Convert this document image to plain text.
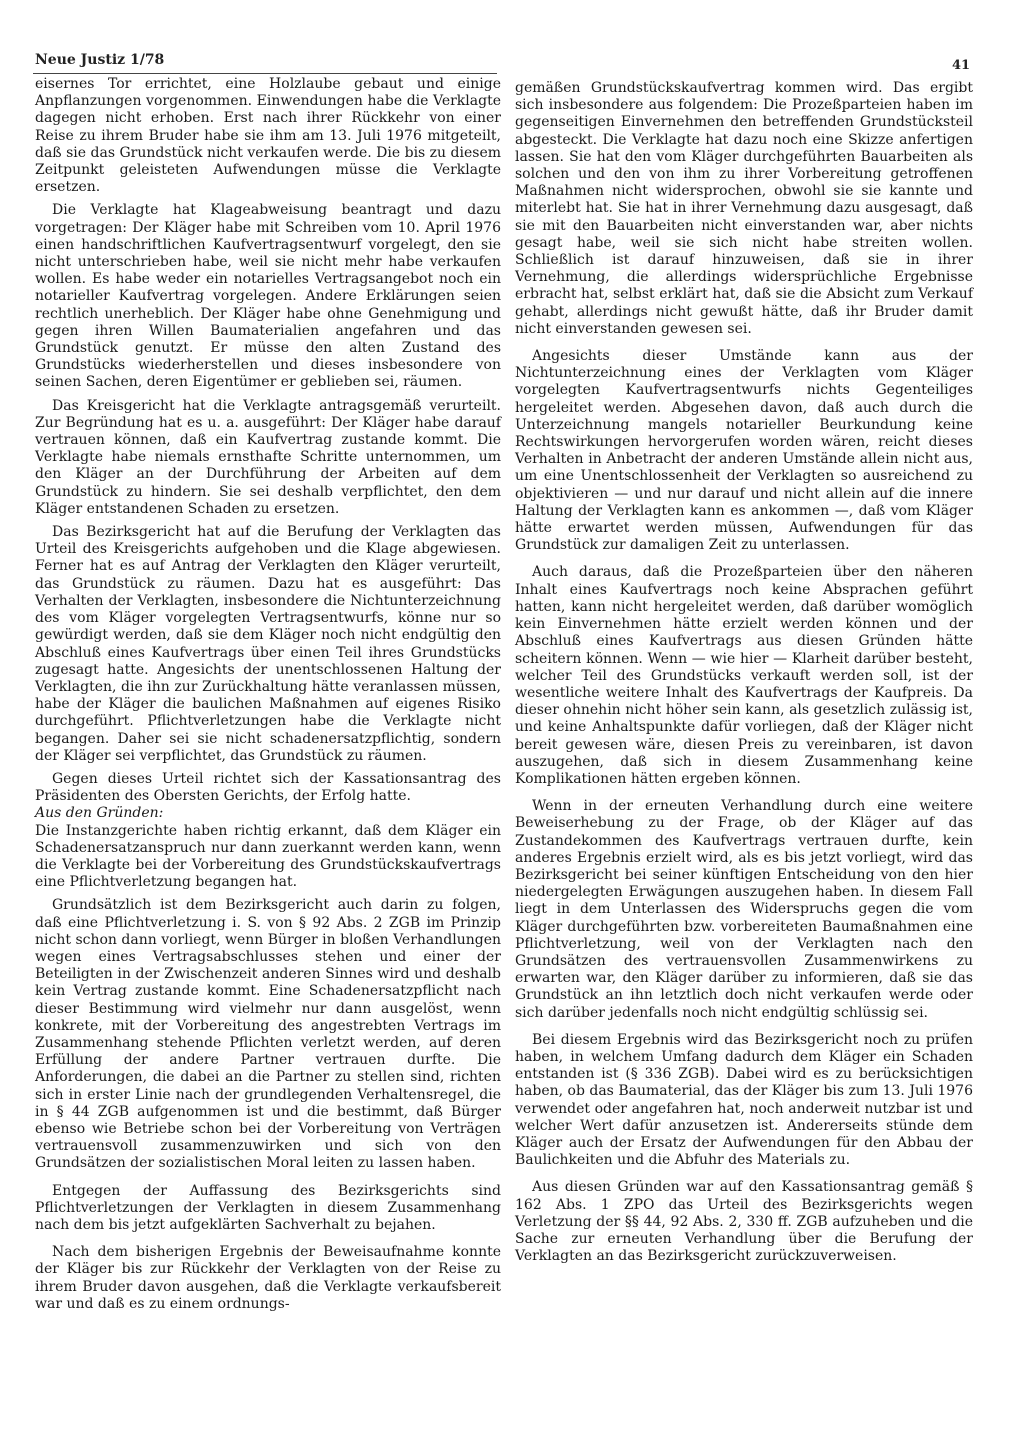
Neue Justiz 1/78	41

eisernes Tor errichtet, eine Holzlaube gebaut und einige Anpflanzungen vorgenommen. Einwendungen habe die Verklagte dagegen nicht erhoben. Erst nach ihrer Rückkehr von einer Reise zu ihrem Bruder habe sie ihm am 13. Juli 1976 mitgeteilt, daß sie das Grundstück nicht verkaufen werde. Die bis zu diesem Zeitpunkt geleisteten Aufwendungen müsse die Verklagte ersetzen.

Die Verklagte hat Klageabweisung beantragt und dazu vorgetragen: Der Kläger habe mit Schreiben vom 10. April 1976 einen handschriftlichen Kaufvertragsentwurf vorgelegt, den sie nicht unterschrieben habe, weil sie nicht mehr habe verkaufen wollen. Es habe weder ein notarielles Vertragsangebot noch ein notarieller Kaufvertrag vorgelegen. Andere Erklärungen seien rechtlich unerheblich. Der Kläger habe ohne Genehmigung und gegen ihren Willen Baumaterialien angefahren und das Grundstück genutzt. Er müsse den alten Zustand des Grundstücks wiederherstellen und dieses insbesondere von seinen Sachen, deren Eigentümer er geblieben sei, räumen.

Das Kreisgericht hat die Verklagte antragsgemäß verurteilt. Zur Begründung hat es u. a. ausgeführt: Der Kläger habe darauf vertrauen können, daß ein Kaufvertrag zustande kommt. Die Verklagte habe niemals ernsthafte Schritte unternommen, um den Kläger an der Durchführung der Arbeiten auf dem Grundstück zu hindern. Sie sei deshalb verpflichtet, den dem Kläger entstandenen Schaden zu ersetzen.

Das Bezirksgericht hat auf die Berufung der Verklagten das Urteil des Kreisgerichts aufgehoben und die Klage abgewiesen. Ferner hat es auf Antrag der Verklagten den Kläger verurteilt, das Grundstück zu räumen. Dazu hat es ausgeführt: Das Verhalten der Verklagten, insbesondere die Nichtunterzeichnung des vom Kläger vorgelegten Vertragsentwurfs, könne nur so gewürdigt werden, daß sie dem Kläger noch nicht endgültig den Abschluß eines Kaufvertrags über einen Teil ihres Grundstücks zugesagt hatte. Angesichts der unentschlossenen Haltung der Verklagten, die ihn zur Zurückhaltung hätte veranlassen müssen, habe der Kläger die baulichen Maßnahmen auf eigenes Risiko durchgeführt. Pflichtverletzungen habe die Verklagte nicht begangen. Daher sei sie nicht schadenersatzpflichtig, sondern der Kläger sei verpflichtet, das Grundstück zu räumen.

Gegen dieses Urteil richtet sich der Kassationsantrag des Präsidenten des Obersten Gerichts, der Erfolg hatte.

Aus den Gründen:

Die Instanzgerichte haben richtig erkannt, daß dem Kläger ein Schadenersatzanspruch nur dann zuerkannt werden kann, wenn die Verklagte bei der Vorbereitung des Grundstückskaufvertrags eine Pflichtverletzung begangen hat.

Grundsätzlich ist dem Bezirksgericht auch darin zu folgen, daß eine Pflichtverletzung i. S. von § 92 Abs. 2 ZGB im Prinzip nicht schon dann vorliegt, wenn Bürger in bloßen Verhandlungen wegen eines Vertragsabschlusses stehen und einer der Beteiligten in der Zwischenzeit anderen Sinnes wird und deshalb kein Vertrag zustande kommt. Eine Schadenersatzpflicht nach dieser Bestimmung wird vielmehr nur dann ausgelöst, wenn konkrete, mit der Vorbereitung des angestrebten Vertrags im Zusammenhang stehende Pflichten verletzt werden, auf deren Erfüllung der andere Partner vertrauen durfte. Die Anforderungen, die dabei an die Partner zu stellen sind, richten sich in erster Linie nach der grundlegenden Verhaltensregel, die in § 44 ZGB aufgenommen ist und die bestimmt, daß Bürger ebenso wie Betriebe schon bei der Vorbereitung von Verträgen vertrauensvoll zusammenzuwirken und sich von den Grundsätzen der sozialistischen Moral leiten zu lassen haben.

Entgegen der Auffassung des Bezirksgerichts sind Pflichtverletzungen der Verklagten in diesem Zusammenhang nach dem bis jetzt aufgeklärten Sachverhalt zu bejahen.

Nach dem bisherigen Ergebnis der Beweisaufnahme konnte der Kläger bis zur Rückkehr der Verklagten von der Reise zu ihrem Bruder davon ausgehen, daß die Verklagte verkaufsbereit war und daß es zu einem ordnungs-

gemäßen Grundstückskaufvertrag kommen wird. Das ergibt sich insbesondere aus folgendem: Die Prozeßparteien haben im gegenseitigen Einvernehmen den betreffenden Grundstücksteil abgesteckt. Die Verklagte hat dazu noch eine Skizze anfertigen lassen. Sie hat den vom Kläger durchgeführten Bauarbeiten als solchen und den von ihm zu ihrer Vorbereitung getroffenen Maßnahmen nicht widersprochen, obwohl sie sie kannte und miterlebt hat. Sie hat in ihrer Vernehmung dazu ausgesagt, daß sie mit den Bauarbeiten nicht einverstanden war, aber nichts gesagt habe, weil sie sich nicht habe streiten wollen. Schließlich ist darauf hinzuweisen, daß sie in ihrer Vernehmung, die allerdings widersprüchliche Ergebnisse erbracht hat, selbst erklärt hat, daß sie die Absicht zum Verkauf gehabt, allerdings nicht gewußt hätte, daß ihr Bruder damit nicht einverstanden gewesen sei.

Angesichts dieser Umstände kann aus der Nichtunterzeichnung eines der Verklagten vom Kläger vorgelegten Kaufvertragsentwurfs nichts Gegenteiliges hergeleitet werden. Abgesehen davon, daß auch durch die Unterzeichnung mangels notarieller Beurkundung keine Rechtswirkungen hervorgerufen worden wären, reicht dieses Verhalten in Anbetracht der anderen Umstände allein nicht aus, um eine Unentschlossenheit der Verklagten so ausreichend zu objektivieren — und nur darauf und nicht allein auf die innere Haltung der Verklagten kann es ankommen —, daß vom Kläger hätte erwartet werden müssen, Aufwendungen für das Grundstück zur damaligen Zeit zu unterlassen.

Auch daraus, daß die Prozeßparteien über den näheren Inhalt eines Kaufvertrags noch keine Absprachen geführt hatten, kann nicht hergeleitet werden, daß darüber womöglich kein Einvernehmen hätte erzielt werden können und der Abschluß eines Kaufvertrags aus diesen Gründen hätte scheitern können. Wenn — wie hier — Klarheit darüber besteht, welcher Teil des Grundstücks verkauft werden soll, ist der wesentliche weitere Inhalt des Kaufvertrags der Kaufpreis. Da dieser ohnehin nicht höher sein kann, als gesetzlich zulässig ist, und keine Anhaltspunkte dafür vorliegen, daß der Kläger nicht bereit gewesen wäre, diesen Preis zu vereinbaren, ist davon auszugehen, daß sich in diesem Zusammenhang keine Komplikationen hätten ergeben können.

Wenn in der erneuten Verhandlung durch eine weitere Beweiserhebung zu der Frage, ob der Kläger auf das Zustandekommen des Kaufvertrags vertrauen durfte, kein anderes Ergebnis erzielt wird, als es bis jetzt vorliegt, wird das Bezirksgericht bei seiner künftigen Entscheidung von den hier niedergelegten Erwägungen auszugehen haben. In diesem Fall liegt in dem Unterlassen des Widerspruchs gegen die vom Kläger durchgeführten bzw. vorbereiteten Baumaßnahmen eine Pflichtverletzung, weil von der Verklagten nach den Grundsätzen des vertrauensvollen Zusammenwirkens zu erwarten war, den Kläger darüber zu informieren, daß sie das Grundstück an ihn letztlich doch nicht verkaufen werde oder sich darüber jedenfalls noch nicht endgültig schlüssig sei.

Bei diesem Ergebnis wird das Bezirksgericht noch zu prüfen haben, in welchem Umfang dadurch dem Kläger ein Schaden entstanden ist (§ 336 ZGB). Dabei wird es zu berücksichtigen haben, ob das Baumaterial, das der Kläger bis zum 13. Juli 1976 verwendet oder angefahren hat, noch anderweit nutzbar ist und welcher Wert dafür anzusetzen ist. Andererseits stünde dem Kläger auch der Ersatz der Aufwendungen für den Abbau der Baulichkeiten und die Abfuhr des Materials zu.

Aus diesen Gründen war auf den Kassationsantrag gemäß § 162 Abs. 1 ZPO das Urteil des Bezirksgerichts wegen Verletzung der §§ 44, 92 Abs. 2, 330 ff. ZGB aufzuheben und die Sache zur erneuten Verhandlung über die Berufung der Verklagten an das Bezirksgericht zurückzuverweisen.
